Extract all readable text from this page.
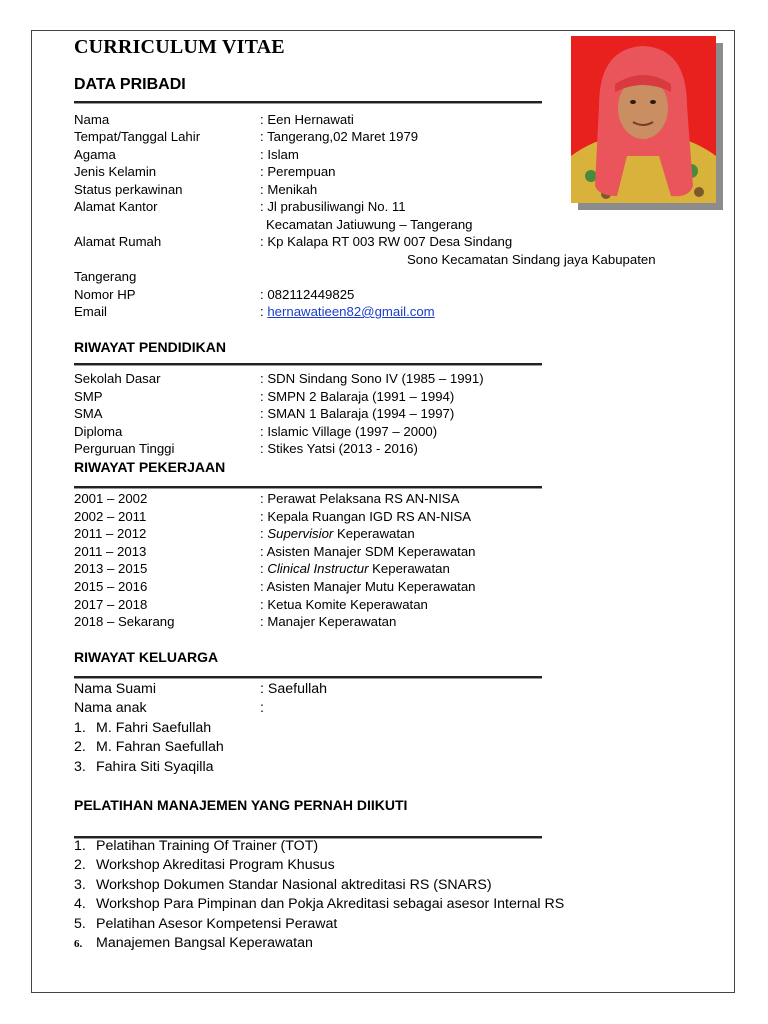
CURRICULUM VITAE
DATA PRIBADI
Nama	: Een Hernawati
Tempat/Tanggal Lahir	: Tangerang,02 Maret 1979
Agama	: Islam
Jenis Kelamin	: Perempuan
Status perkawinan	: Menikah
Alamat Kantor	: Jl prabusiliwangi No. 11
Kecamatan Jatiuwung – Tangerang
Alamat Rumah	: Kp Kalapa RT 003 RW 007 Desa Sindang
Sono Kecamatan Sindang jaya Kabupaten
Tangerang
Nomor HP	: 082112449825
Email	: hernawatieen82@gmail.com
RIWAYAT PENDIDIKAN
Sekolah Dasar	: SDN Sindang Sono IV (1985 – 1991)
SMP	: SMPN 2 Balaraja (1991 – 1994)
SMA	: SMAN 1 Balaraja (1994 – 1997)
Diploma	: Islamic Village (1997 – 2000)
Perguruan Tinggi	: Stikes Yatsi (2013 - 2016)
RIWAYAT PEKERJAAN
2001 – 2002	: Perawat Pelaksana RS AN-NISA
2002 – 2011	: Kepala Ruangan IGD RS AN-NISA
2011 – 2012	: Supervisior Keperawatan
2011 – 2013	: Asisten Manajer SDM Keperawatan
2013 – 2015	: Clinical Instructur Keperawatan
2015 – 2016	: Asisten Manajer Mutu Keperawatan
2017 – 2018	: Ketua Komite Keperawatan
2018 – Sekarang	: Manajer Keperawatan
RIWAYAT KELUARGA
Nama Suami	: Saefullah
Nama anak	:
1. M. Fahri Saefullah
2. M. Fahran Saefullah
3. Fahira Siti Syaqilla
PELATIHAN MANAJEMEN YANG PERNAH DIIKUTI
1. Pelatihan Training Of Trainer (TOT)
2. Workshop Akreditasi Program Khusus
3. Workshop Dokumen Standar Nasional aktreditasi RS (SNARS)
4. Workshop Para Pimpinan dan Pokja Akreditasi sebagai asesor Internal RS
5. Pelatihan Asesor Kompetensi Perawat
6. Manajemen Bangsal Keperawatan
